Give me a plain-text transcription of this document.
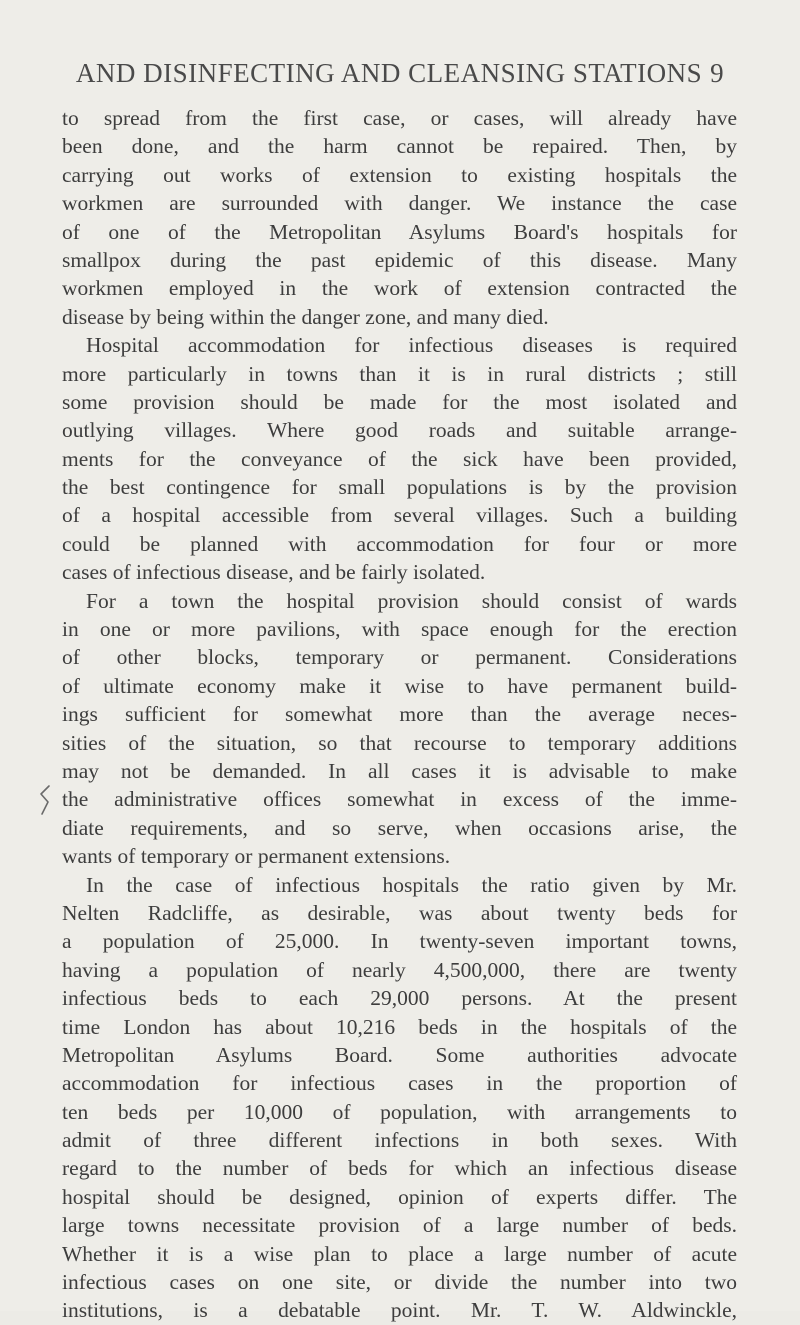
AND DISINFECTING AND CLEANSING STATIONS 9
to spread from the first case, or cases, will already have
been done, and the harm cannot be repaired. Then, by
carrying out works of extension to existing hospitals the
workmen are surrounded with danger. We instance the case
of one of the Metropolitan Asylums Board's hospitals for
smallpox during the past epidemic of this disease. Many
workmen employed in the work of extension contracted the
disease by being within the danger zone, and many died.
Hospital accommodation for infectious diseases is required
more particularly in towns than it is in rural districts ; still
some provision should be made for the most isolated and
outlying villages. Where good roads and suitable arrange-
ments for the conveyance of the sick have been provided,
the best contingence for small populations is by the provision
of a hospital accessible from several villages. Such a building
could be planned with accommodation for four or more
cases of infectious disease, and be fairly isolated.
For a town the hospital provision should consist of wards
in one or more pavilions, with space enough for the erection
of other blocks, temporary or permanent. Considerations
of ultimate economy make it wise to have permanent build-
ings sufficient for somewhat more than the average neces-
sities of the situation, so that recourse to temporary additions
may not be demanded. In all cases it is advisable to make
the administrative offices somewhat in excess of the imme-
diate requirements, and so serve, when occasions arise, the
wants of temporary or permanent extensions.
In the case of infectious hospitals the ratio given by Mr.
Nelten Radcliffe, as desirable, was about twenty beds for
a population of 25,000. In twenty-seven important towns,
having a population of nearly 4,500,000, there are twenty
infectious beds to each 29,000 persons. At the present
time London has about 10,216 beds in the hospitals of the
Metropolitan Asylums Board. Some authorities advocate
accommodation for infectious cases in the proportion of
ten beds per 10,000 of population, with arrangements to
admit of three different infections in both sexes. With
regard to the number of beds for which an infectious disease
hospital should be designed, opinion of experts differ. The
large towns necessitate provision of a large number of beds.
Whether it is a wise plan to place a large number of acute
infectious cases on one site, or divide the number into two
institutions, is a debatable point. Mr. T. W. Aldwinckle,
